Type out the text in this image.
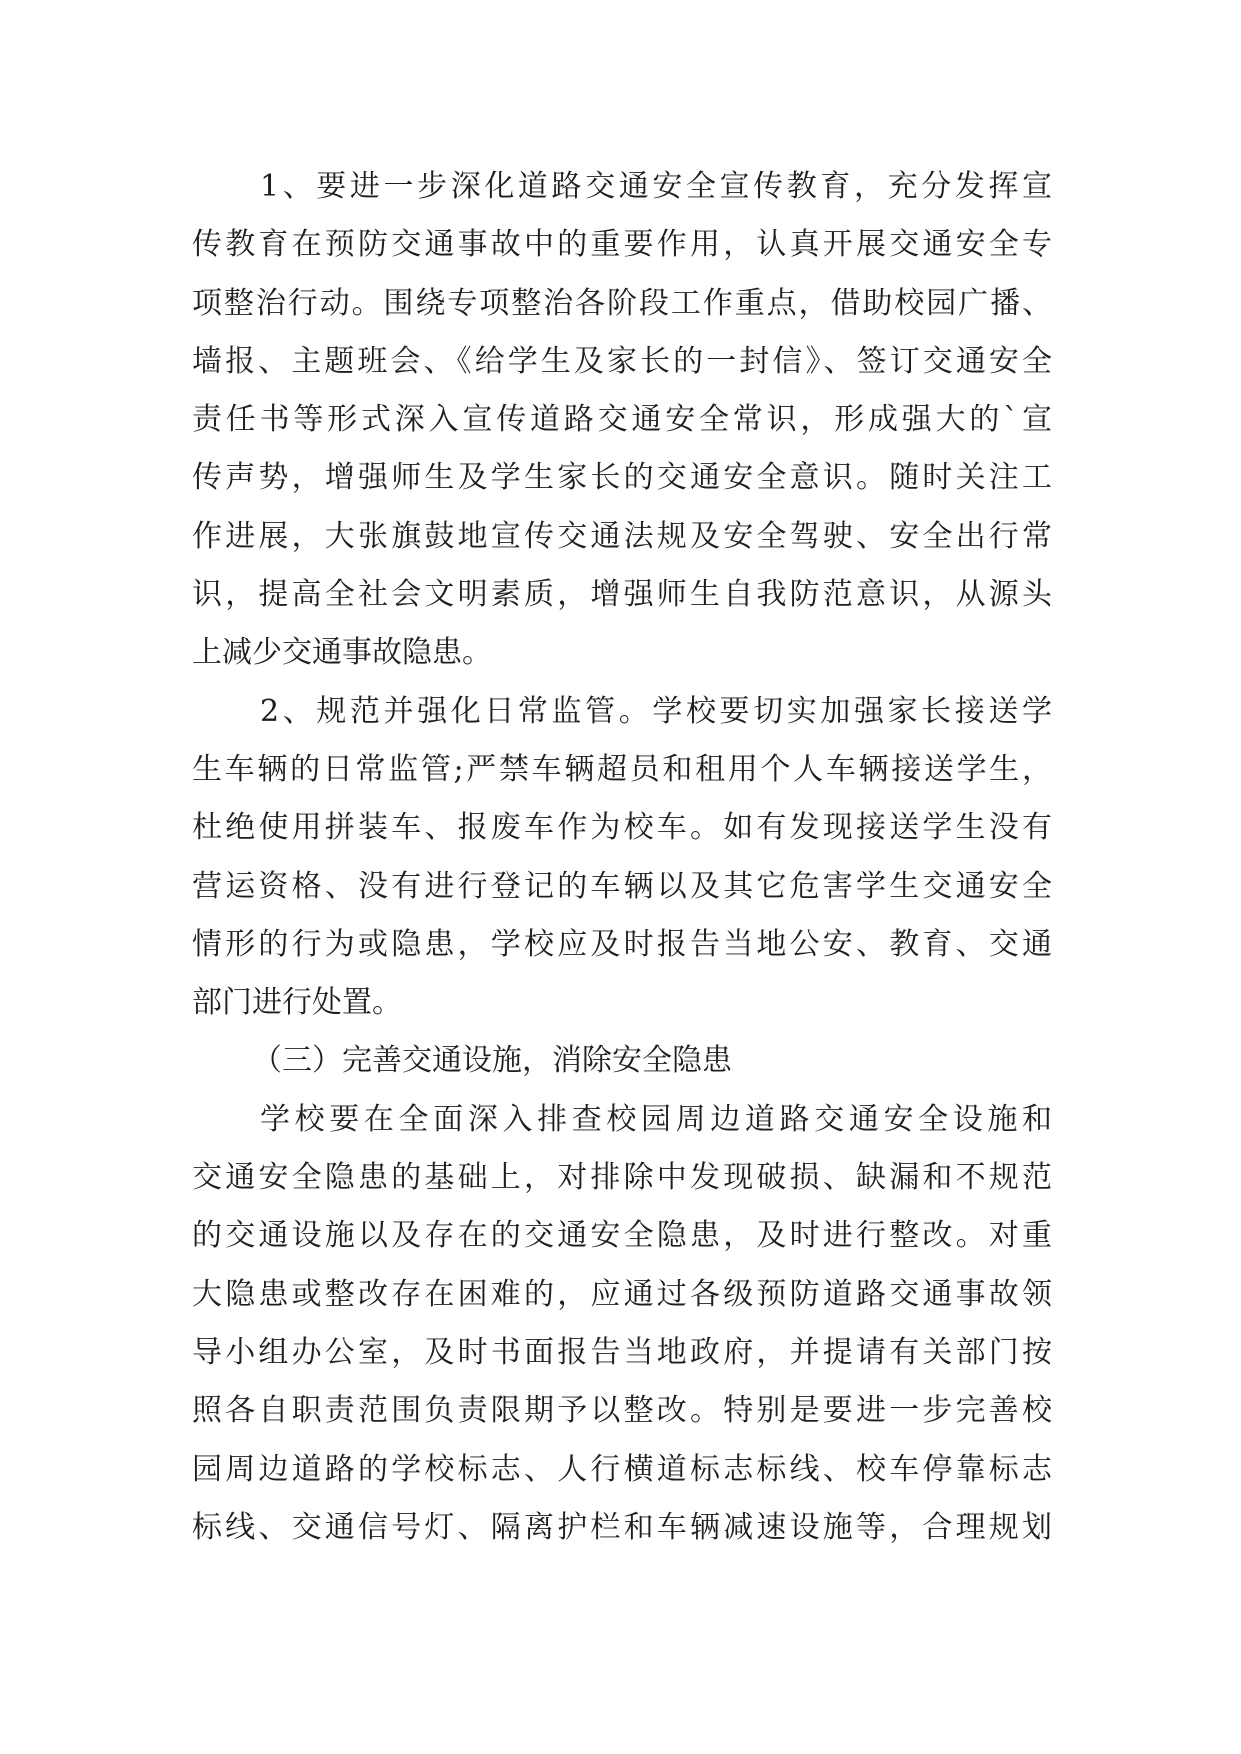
1、要进一步深化道路交通安全宣传教育，充分发挥宣
传教育在预防交通事故中的重要作用，认真开展交通安全专
项整治行动。围绕专项整治各阶段工作重点，借助校园广播、
墙报、主题班会、《给学生及家长的一封信》、签订交通安全
责任书等形式深入宣传道路交通安全常识，形成强大的`宣
传声势，增强师生及学生家长的交通安全意识。随时关注工
作进展，大张旗鼓地宣传交通法规及安全驾驶、安全出行常
识，提高全社会文明素质，增强师生自我防范意识，从源头
上减少交通事故隐患。
2、规范并强化日常监管。学校要切实加强家长接送学
生车辆的日常监管;严禁车辆超员和租用个人车辆接送学生，
杜绝使用拼装车、报废车作为校车。如有发现接送学生没有
营运资格、没有进行登记的车辆以及其它危害学生交通安全
情形的行为或隐患，学校应及时报告当地公安、教育、交通
部门进行处置。
（三）完善交通设施，消除安全隐患
学校要在全面深入排查校园周边道路交通安全设施和
交通安全隐患的基础上，对排除中发现破损、缺漏和不规范
的交通设施以及存在的交通安全隐患，及时进行整改。对重
大隐患或整改存在困难的，应通过各级预防道路交通事故领
导小组办公室，及时书面报告当地政府，并提请有关部门按
照各自职责范围负责限期予以整改。特别是要进一步完善校
园周边道路的学校标志、人行横道标志标线、校车停靠标志
标线、交通信号灯、隔离护栏和车辆减速设施等，合理规划
